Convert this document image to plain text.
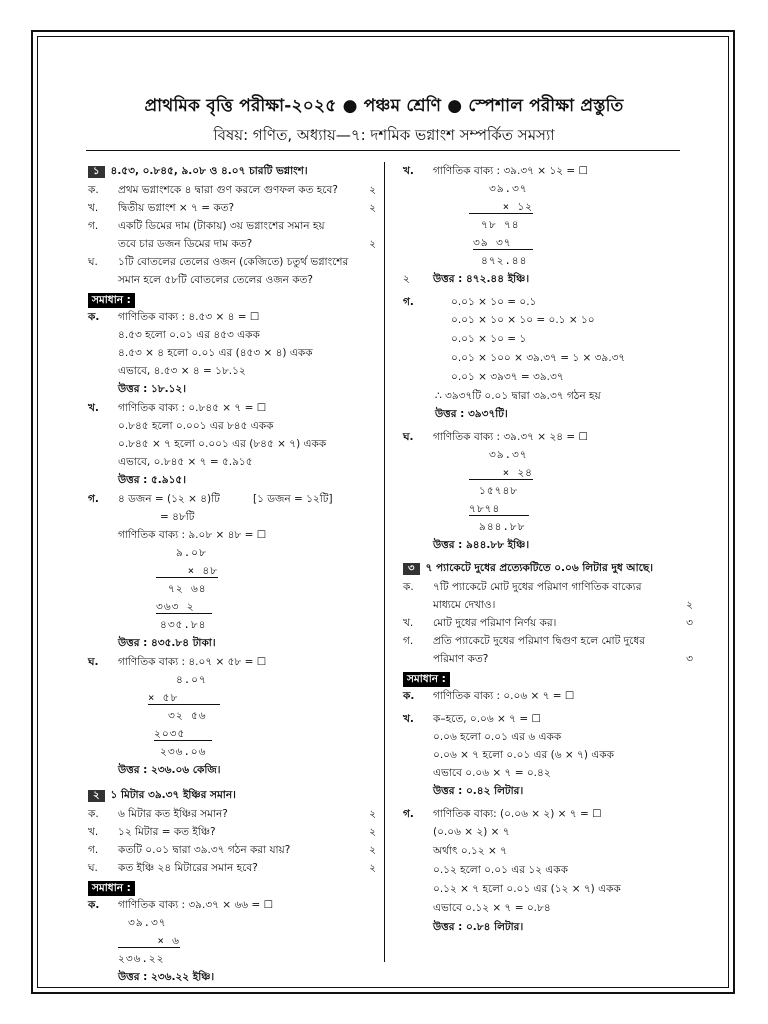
প্রাথমিক বৃত্তি পরীক্ষা-২০২৫ ● পঞ্চম শ্রেণি ● স্পেশাল পরীক্ষা প্রস্তুতি
বিষয়: গণিত, অধ্যায়—৭: দশমিক ভগ্নাংশ সম্পর্কিত সমস্যা
১ ৪.৫৩, ০.৮৪৫, ৯.০৮ ও ৪.০৭ চারটি ভগ্নাংশ।
ক. প্রথম ভগ্নাংশকে ৪ দ্বারা গুণ করলে গুণফল কত হবে?	২
খ. দ্বিতীয় ভগ্নাংশ × ৭ = কত?	২
গ. একটি ডিমের দাম (টাকায়) ৩য় ভগ্নাংশের সমান হয়
তবে চার ডজন ডিমের দাম কত?	২
ঘ. ১টি বোতলের তেলের ওজন (কেজিতে) চতুর্থ ভগ্নাংশের
সমান হলে ৫৮টি বোতলের তেলের ওজন কত?
সমাধান :
ক. গাণিতিক বাক্য : ৪.৫৩ × ৪ = ☐
৪.৫৩ হলো ০.০১ এর ৪৫৩ একক
৪.৫৩ × ৪ হলো ০.০১ এর (৪৫৩ × ৪) একক
এভাবে, ৪.৫৩ × ৪ = ১৮.১২
উত্তর : ১৮.১২।
খ. গাণিতিক বাক্য : ০.৮৪৫ × ৭ = ☐
০.৮৪৫ হলো ০.০০১ এর ৮৪৫ একক
০.৮৪৫ × ৭ হলো ০.০০১ এর (৮৪৫ × ৭) একক
এভাবে, ০.৮৪৫ × ৭ = ৫.৯১৫
উত্তর : ৫.৯১৫।
গ. ৪ ডজন = (১২ × ৪)টি	[১ ডজন = ১২টি]
= ৪৮টি
গাণিতিক বাক্য : ৯.০৮ × ৪৮ = ☐
৯.০৮
× ৪৮
৭২ ৬৪
৩৬৩ ২
৪৩৫.৮৪
উত্তর : ৪৩৫.৮৪ টাকা।
ঘ. গাণিতিক বাক্য : ৪.০৭ × ৫৮ = ☐
৪.০৭
× ৫৮
৩২ ৫৬
২০৩৫
২৩৬.০৬
উত্তর : ২৩৬.০৬ কেজি।
২ ১ মিটার ৩৯.৩৭ ইঞ্চির সমান।
ক. ৬ মিটার কত ইঞ্চির সমান?	২
খ. ১২ মিটার = কত ইঞ্চি?	২
গ. কতটি ০.০১ দ্বারা ৩৯.৩৭ গঠন করা যায়?	২
ঘ. কত ইঞ্চি ২৪ মিটারের সমান হবে?	২
সমাধান :
ক. গাণিতিক বাক্য : ৩৯.৩৭ × ৬৬ = ☐
৩৯.৩৭
× ৬
২৩৬.২২
উত্তর : ২৩৬.২২ ইঞ্চি।
খ. গাণিতিক বাক্য : ৩৯.৩৭ × ১২ = ☐
৩৯.৩৭
× ১২
৭৮ ৭৪
৩৯ ৩৭
৪৭২.৪৪
২ উত্তর : ৪৭২.৪৪ ইঞ্চি।
গ.	০.০১ × ১০ = ০.১
০.০১ × ১০ × ১০ = ০.১ × ১০
০.০১ × ১০ = ১
০.০১ × ১০০ × ৩৯.৩৭ = ১ × ৩৯.৩৭
০.০১ × ৩৯৩৭ = ৩৯.৩৭
∴ ৩৯৩৭টি ০.০১ দ্বারা ৩৯.৩৭ গঠন হয়
উত্তর : ৩৯৩৭টি।
ঘ. গাণিতিক বাক্য : ৩৯.৩৭ × ২৪ = ☐
৩৯.৩৭
× ২৪
১৫৭৪৮
৭৮৭৪
৯৪৪.৮৮
উত্তর : ৯৪৪.৮৮ ইঞ্চি।
৩ ৭ প্যাকেটে দুধের প্রত্যেকটিতে ০.০৬ লিটার দুধ আছে।
ক. ৭টি প্যাকেটে মোট দুধের পরিমাণ গাণিতিক বাক্যের
মাধ্যমে দেখাও।	২
খ. মোট দুধের পরিমাণ নির্ণয় কর।	৩
গ. প্রতি প্যাকেটে দুধের পরিমাণ দ্বিগুণ হলে মোট দুধের
পরিমাণ কত?	৩
সমাধান :
ক. গাণিতিক বাক্য : ০.০৬ × ৭ = ☐
খ. ক–হতে, ০.০৬ × ৭ = ☐
০.০৬ হলো ০.০১ এর ৬ একক
০.০৬ × ৭ হলো ০.০১ এর (৬ × ৭) একক
এভাবে ০.০৬ × ৭ = ০.৪২
উত্তর : ০.৪২ লিটার।
গ. গাণিতিক বাক্য: (০.০৬ × ২) × ৭ = ☐
(০.০৬ × ২) × ৭
অর্থাৎ ০.১২ × ৭
০.১২ হলো ০.০১ এর ১২ একক
০.১২ × ৭ হলো ০.০১ এর (১২ × ৭) একক
এভাবে ০.১২ × ৭ = ০.৮৪
উত্তর : ০.৮৪ লিটার।
